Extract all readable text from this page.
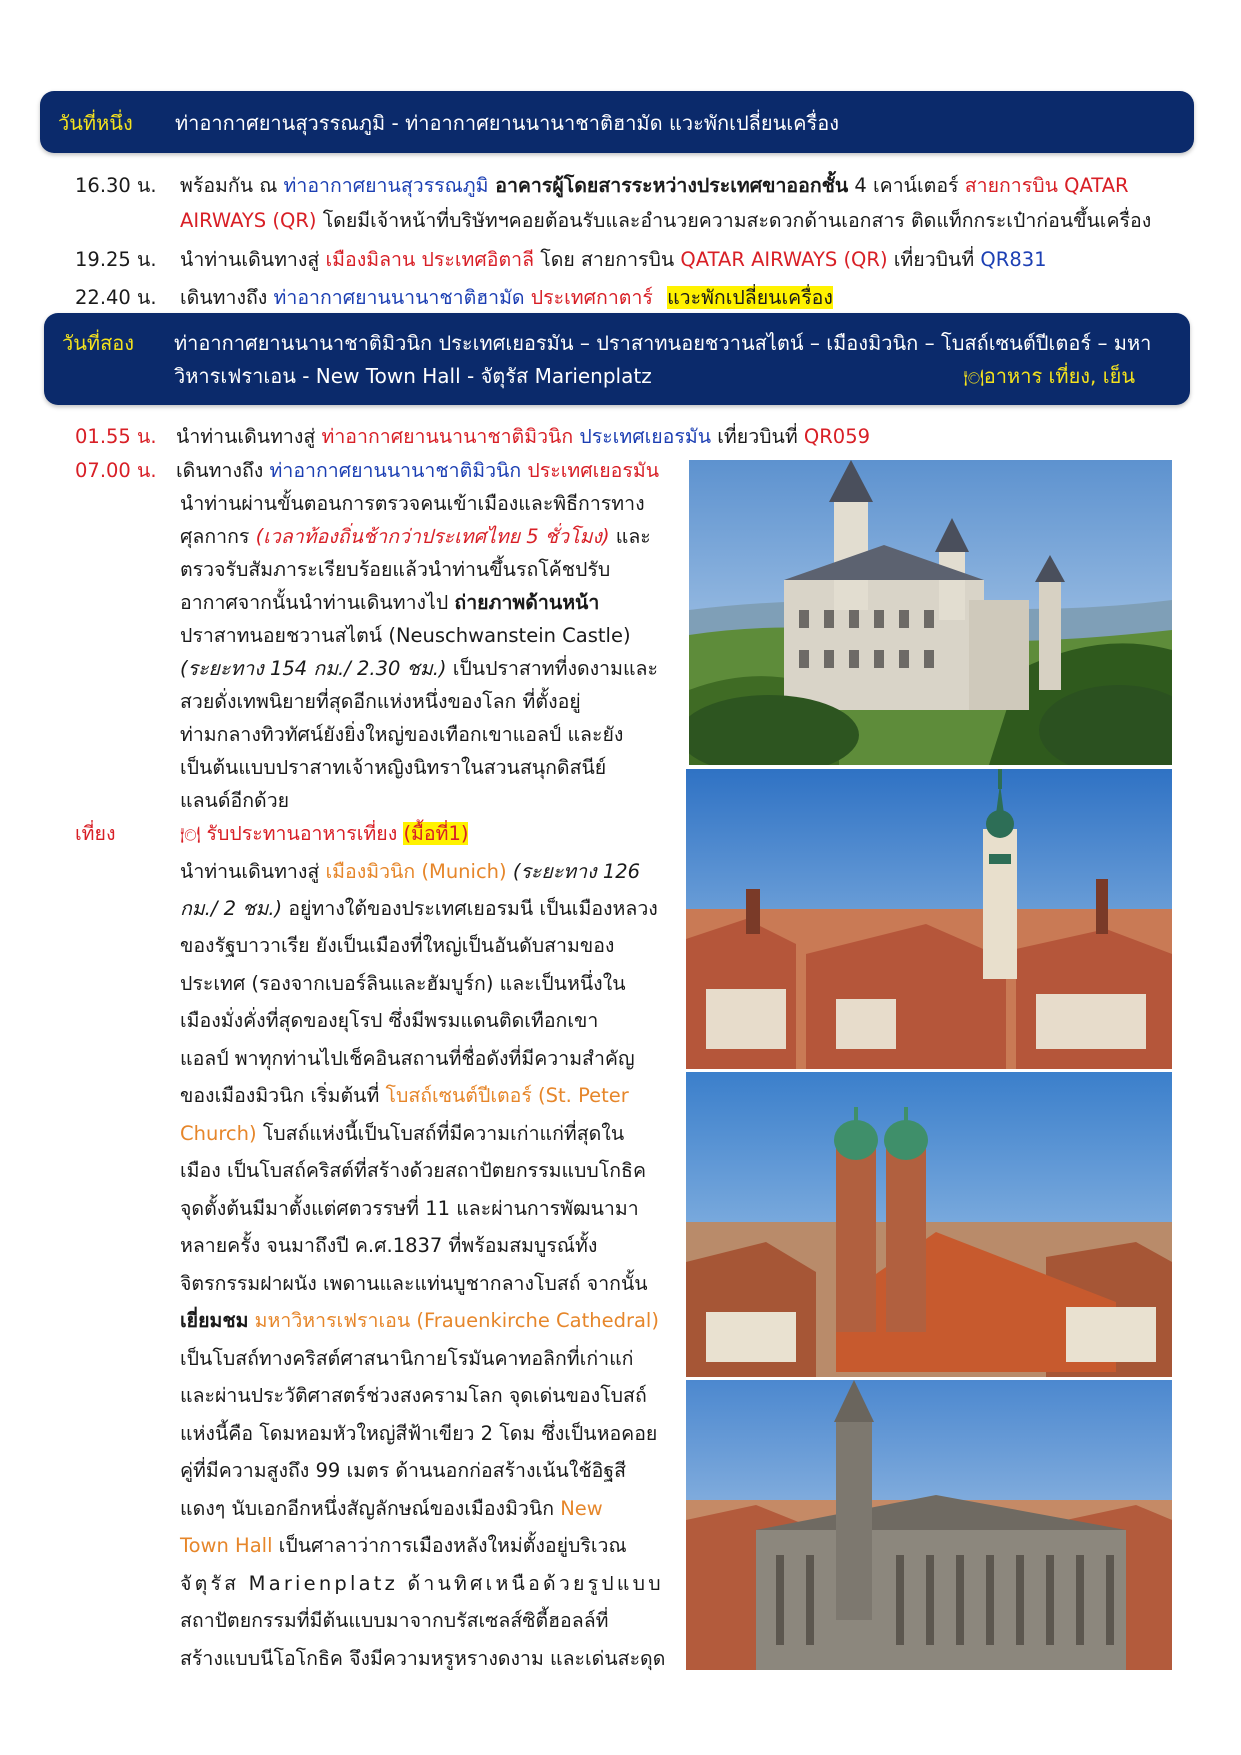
วันที่หนึ่ง ท่าอากาศยานสุวรรณภูมิ - ท่าอากาศยานนานาชาติฮามัด แวะพักเปลี่ยนเครื่อง
16.30 น. พร้อมกัน ณ ท่าอากาศยานสุวรรณภูมิ อาคารผู้โดยสารระหว่างประเทศขาออกชั้น 4 เคาน์เตอร์ สายการบิน QATAR
AIRWAYS (QR) โดยมีเจ้าหน้าที่บริษัทฯคอยต้อนรับและอำนวยความสะดวกด้านเอกสาร ติดแท็กกระเป๋าก่อนขึ้นเครื่อง
19.25 น. นำท่านเดินทางสู่ เมืองมิลาน ประเทศอิตาลี โดย สายการบิน QATAR AIRWAYS (QR) เที่ยวบินที่ QR831
22.40 น. เดินทางถึง ท่าอากาศยานนานาชาติฮามัด ประเทศกาตาร์ แวะพักเปลี่ยนเครื่อง
วันที่สอง ท่าอากาศยานนานาชาติมิวนิก ประเทศเยอรมัน – ปราสาทนอยชวานสไตน์ – เมืองมิวนิก – โบสถ์เซนต์ปีเตอร์ – มหา
วิหารเฟราเอน - New Town Hall - จัตุรัส Marienplatz	🍽อาหาร เที่ยง, เย็น
01.55 น. นำท่านเดินทางสู่ ท่าอากาศยานนานาชาติมิวนิก ประเทศเยอรมัน เที่ยวบินที่ QR059
07.00 น. เดินทางถึง ท่าอากาศยานนานาชาติมิวนิก ประเทศเยอรมัน
นำท่านผ่านขั้นตอนการตรวจคนเข้าเมืองและพิธีการทาง
ศุลกากร (เวลาท้องถิ่นช้ากว่าประเทศไทย 5 ชั่วโมง) และ
ตรวจรับสัมภาระเรียบร้อยแล้วนำท่านขึ้นรถโค้ชปรับ
อากาศจากนั้นนำท่านเดินทางไป ถ่ายภาพด้านหน้า
ปราสาทนอยชวานสไตน์ (Neuschwanstein Castle)
(ระยะทาง 154 กม./ 2.30 ชม.) เป็นปราสาทที่งดงามและ
สวยดั่งเทพนิยายที่สุดอีกแห่งหนึ่งของโลก ที่ตั้งอยู่
ท่ามกลางทิวทัศน์ยังยิ่งใหญ่ของเทือกเขาแอลป์ และยัง
เป็นต้นแบบปราสาทเจ้าหญิงนิทราในสวนสนุกดิสนีย์
แลนด์อีกด้วย
เที่ยง	🍽 รับประทานอาหารเที่ยง (มื้อที่1)
นำท่านเดินทางสู่ เมืองมิวนิก (Munich) (ระยะทาง 126
กม./ 2 ชม.) อยู่ทางใต้ของประเทศเยอรมนี เป็นเมืองหลวง
ของรัฐบาวาเรีย ยังเป็นเมืองที่ใหญ่เป็นอันดับสามของ
ประเทศ (รองจากเบอร์ลินและฮัมบูร์ก) และเป็นหนึ่งใน
เมืองมั่งคั่งที่สุดของยุโรป ซึ่งมีพรมแดนติดเทือกเขา
แอลป์ พาทุกท่านไปเช็คอินสถานที่ชื่อดังที่มีความสำคัญ
ของเมืองมิวนิก เริ่มต้นที่ โบสถ์เซนต์ปีเตอร์ (St. Peter
Church) โบสถ์แห่งนี้เป็นโบสถ์ที่มีความเก่าแก่ที่สุดใน
เมือง เป็นโบสถ์คริสต์ที่สร้างด้วยสถาปัตยกรรมแบบโกธิค
จุดตั้งต้นมีมาตั้งแต่ศตวรรษที่ 11 และผ่านการพัฒนามา
หลายครั้ง จนมาถึงปี ค.ศ.1837 ที่พร้อมสมบูรณ์ทั้ง
จิตรกรรมฝาผนัง เพดานและแท่นบูชากลางโบสถ์ จากนั้น
เยี่ยมชม มหาวิหารเฟราเอน (Frauenkirche Cathedral)
เป็นโบสถ์ทางคริสต์ศาสนานิกายโรมันคาทอลิกที่เก่าแก่
และผ่านประวัติศาสตร์ช่วงสงครามโลก จุดเด่นของโบสถ์
แห่งนี้คือ โดมหอมหัวใหญ่สีฟ้าเขียว 2 โดม ซึ่งเป็นหอคอย
คู่ที่มีความสูงถึง 99 เมตร ด้านนอกก่อสร้างเน้นใช้อิฐสี
แดงๆ นับเอกอีกหนึ่งสัญลักษณ์ของเมืองมิวนิก New
Town Hall เป็นศาลาว่าการเมืองหลังใหม่ตั้งอยู่บริเวณ
จัตุรัส Marienplatz ด้านทิศเหนือด้วยรูปแบบ
สถาปัตยกรรมที่มีต้นแบบมาจากบรัสเซลส์ซิตี้ฮอลล์ที่
สร้างแบบนีโอโกธิค จึงมีความหรูหรางดงาม และเด่นสะดุด
